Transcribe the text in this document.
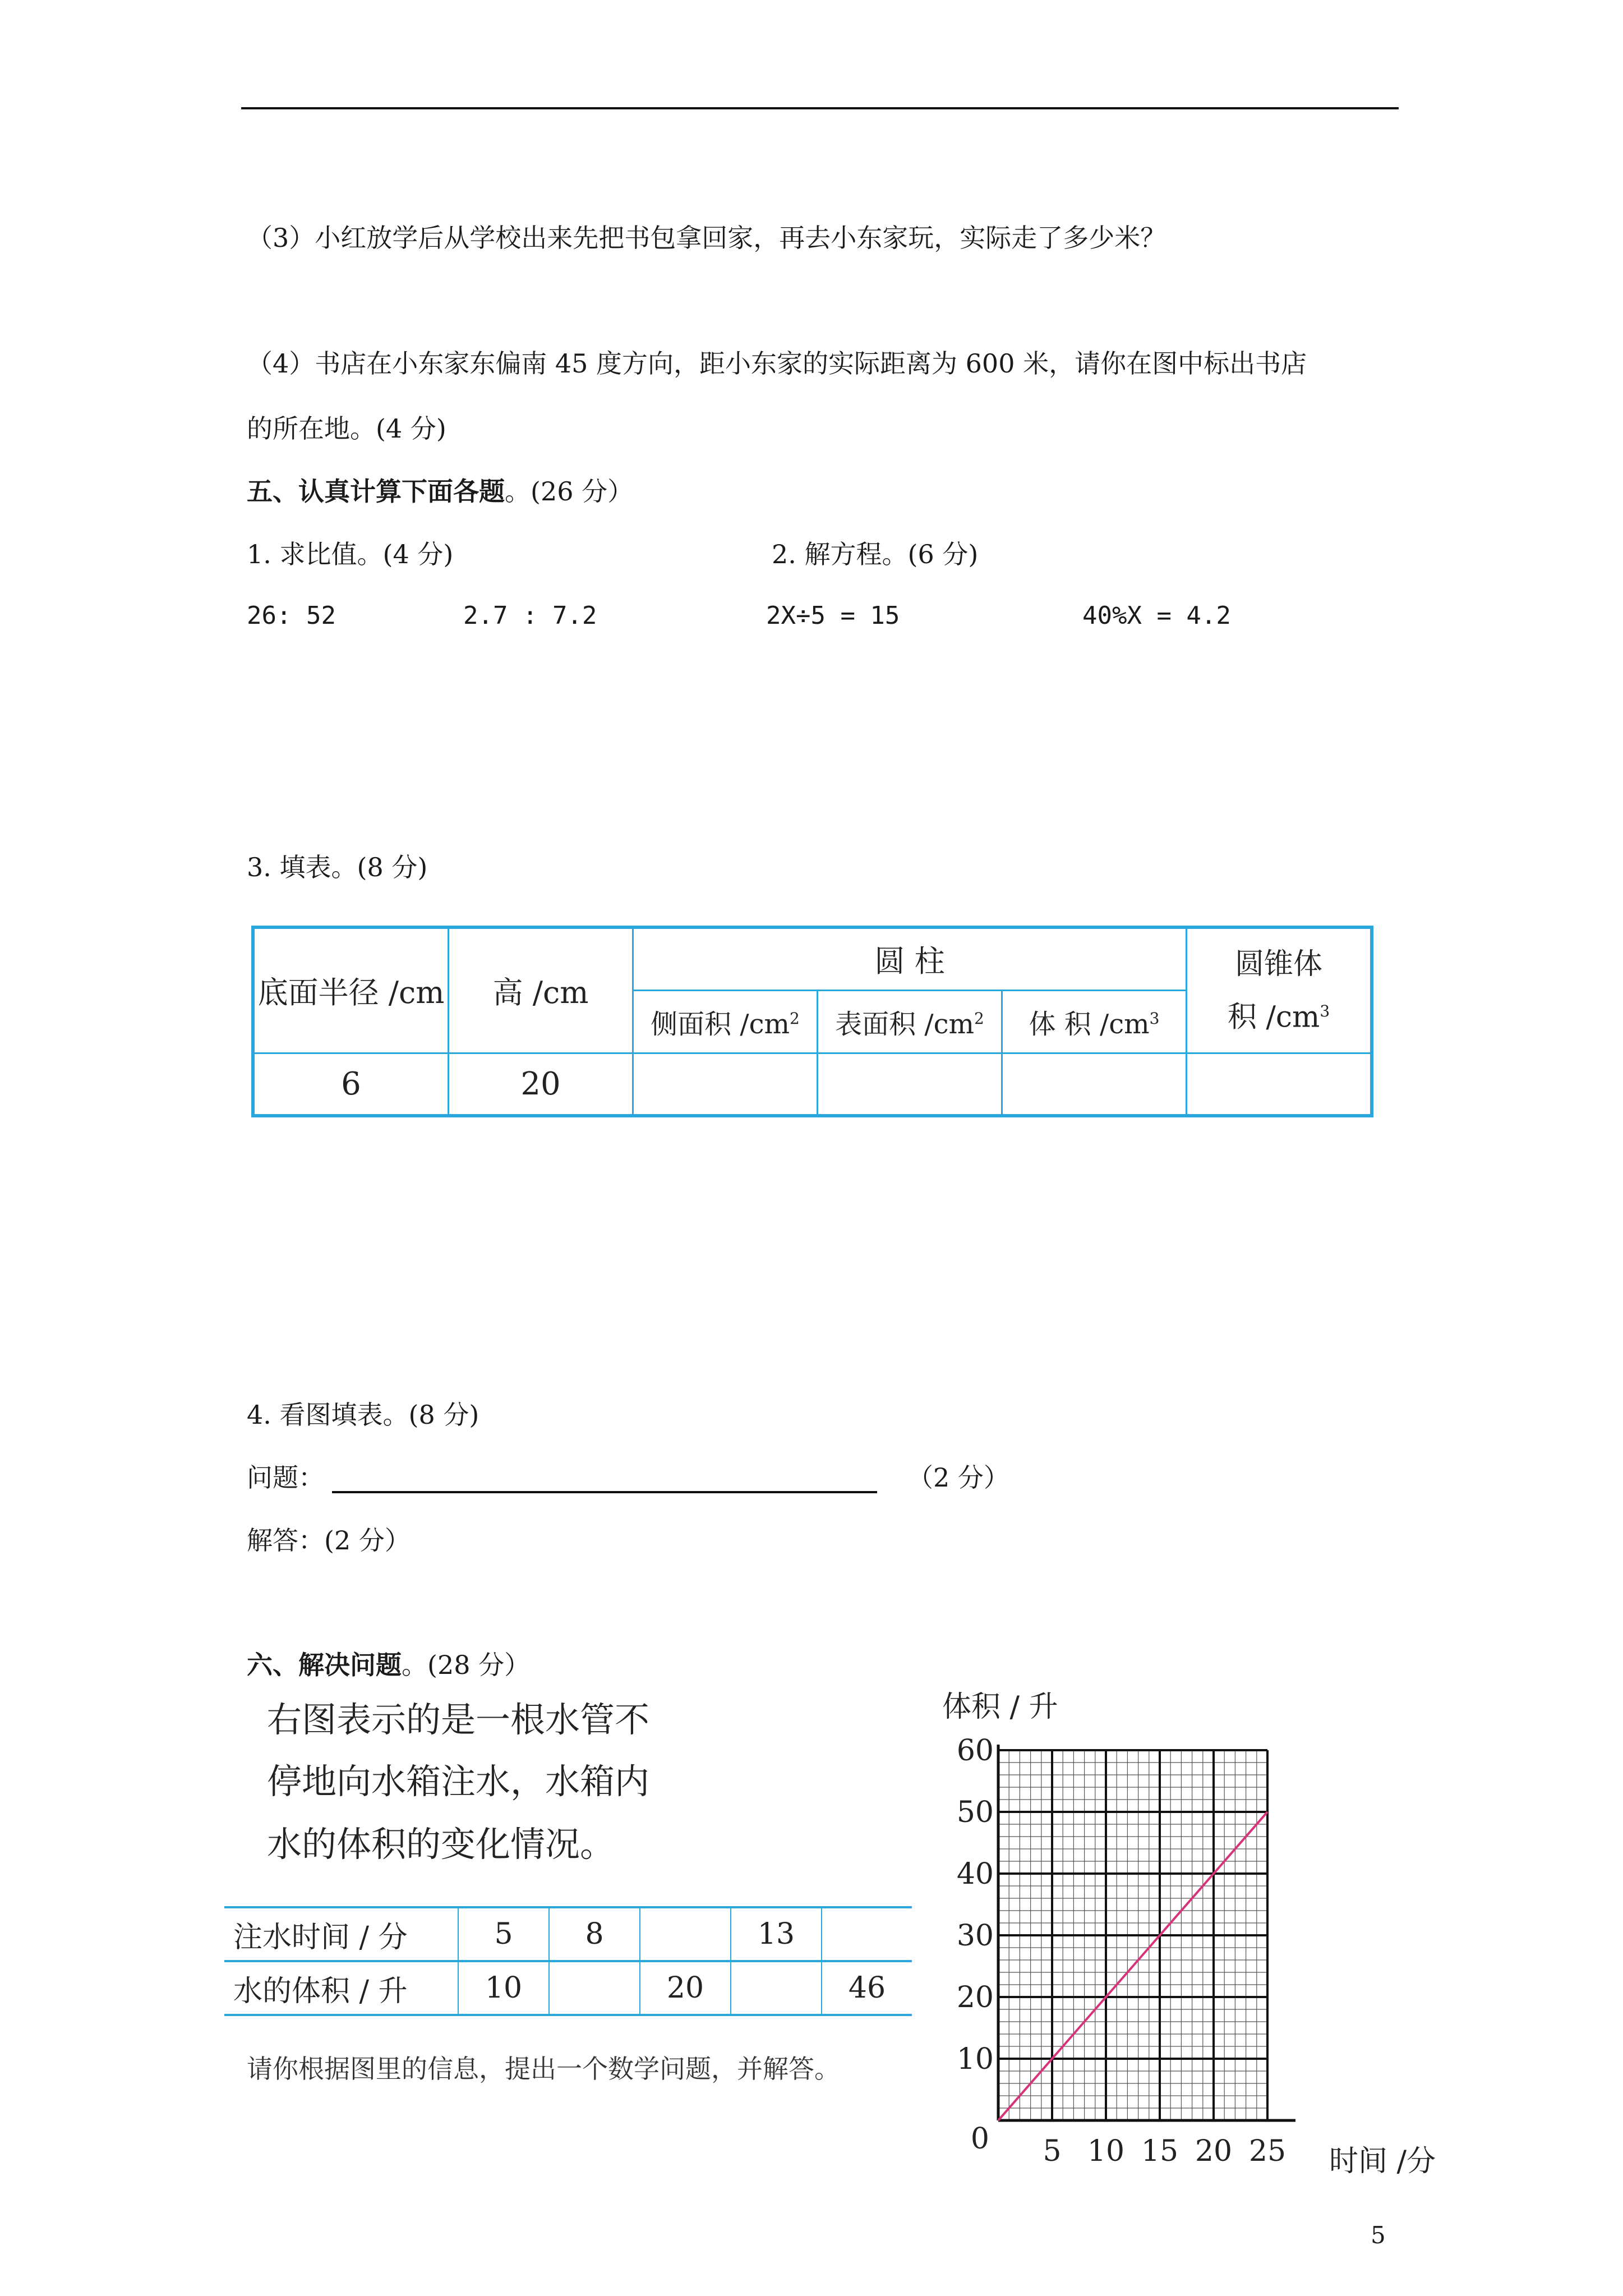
（3）小红放学后从学校出来先把书包拿回家，再去小东家玩，实际走了多少米？
（4）书店在小东家东偏南 45 度方向，距小东家的实际距离为 600 米，请你在图中标出书店
的所在地。(4 分)
五、认真计算下面各题。(26 分）
1. 求比值。(4 分)	2. 解方程。(6 分)
26: 52	2.7 : 7.2	2X÷5 = 15	40%X = 4.2
3. 填表。(8 分)
底面半径 /cm	高 /cm	圆 柱			圆锥体
积 $/cm^3$
		侧面积 $/cm^2$	表面积 $/cm^2$	体 积 $/cm^3$
6	20				
4. 看图填表。(8 分)
问题：	（2 分）
解答：(2 分）
六、解决问题。(28 分）
右图表示的是一根水管不
停地向水箱注水，水箱内
水的体积的变化情况。
注水时间 / 分	5	8		13	
水的体积 / 升	10		20		46
请你根据图里的信息，提出一个数学问题，并解答。
5 10 15 20 25
0
10
20
30
40
50
60
体积 / 升
时间 /分
5
